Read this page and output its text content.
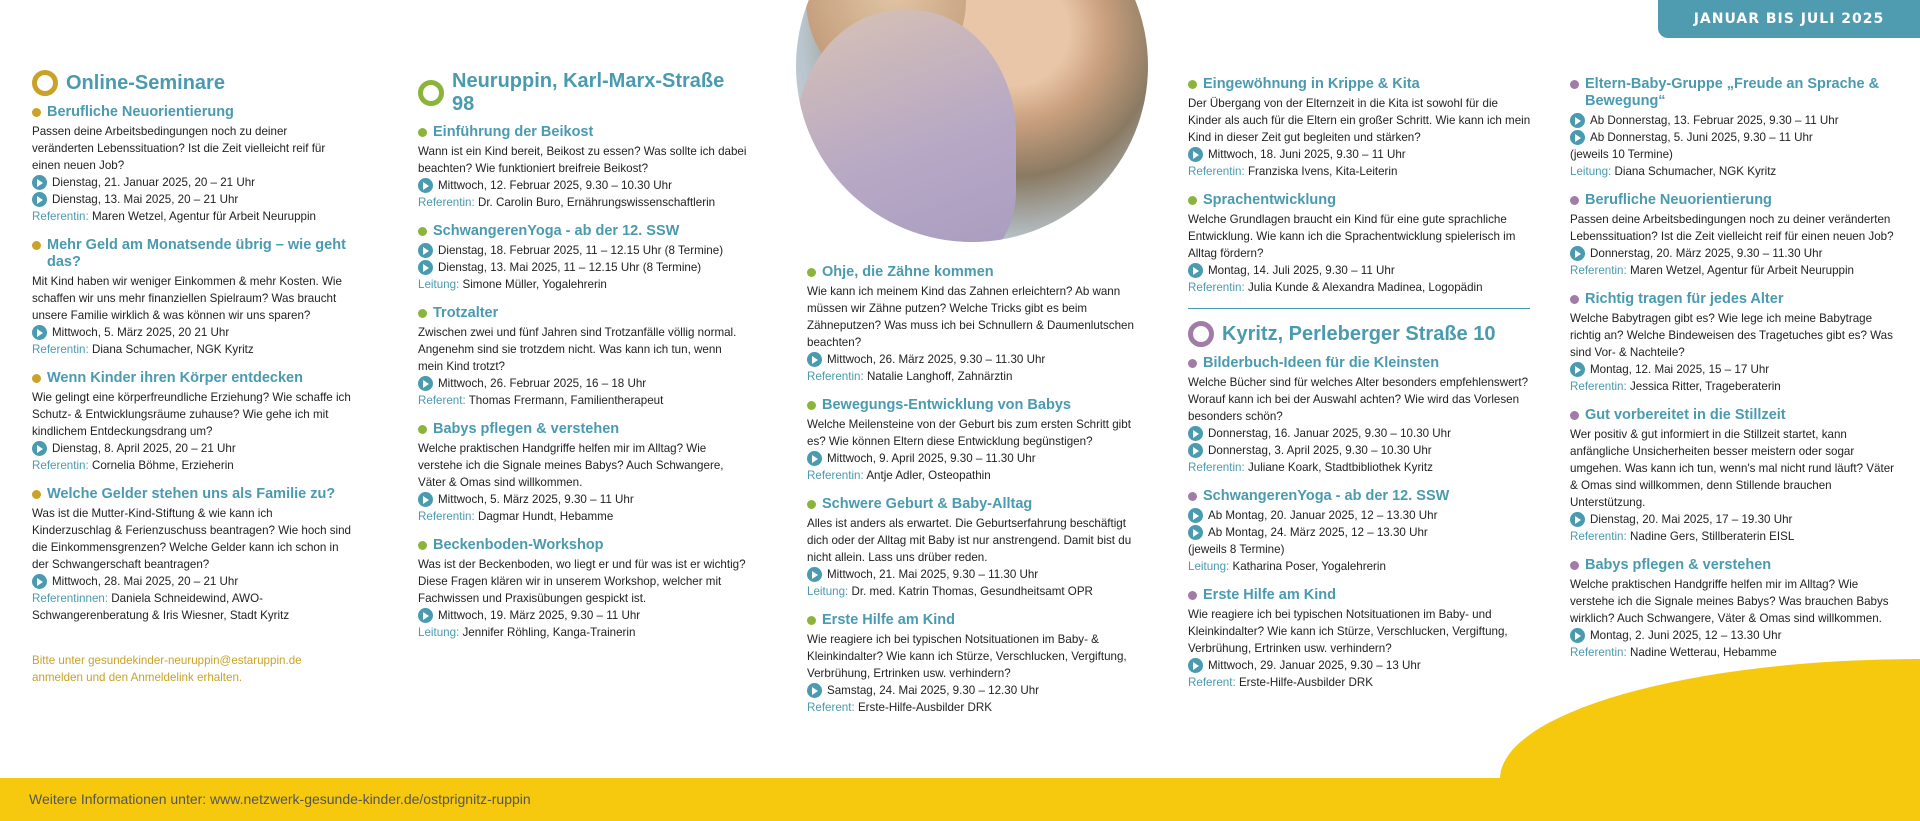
JANUAR BIS JULI 2025
Online-Seminare
Berufliche Neuorientierung

Passen deine Arbeitsbedingungen noch zu deiner veränderten Lebenssituation? Ist die Zeit vielleicht reif für einen neuen Job?

Dienstag, 21. Januar 2025, 20 – 21 Uhr
Dienstag, 13. Mai 2025, 20 – 21 Uhr
Referentin: Maren Wetzel, Agentur für Arbeit Neuruppin
Mehr Geld am Monatsende übrig – wie geht das?

Mit Kind haben wir weniger Einkommen & mehr Kosten. Wie schaffen wir uns mehr finanziellen Spielraum? Was braucht unsere Familie wirklich & was können wir uns sparen?

Mittwoch, 5. März 2025, 20 21 Uhr
Referentin: Diana Schumacher, NGK Kyritz
Wenn Kinder ihren Körper entdecken

Wie gelingt eine körperfreundliche Erziehung? Wie schaffe ich Schutz- & Entwicklungsräume zuhause? Wie gehe ich mit kindlichem Entdeckungsdrang um?

Dienstag, 8. April 2025, 20 – 21 Uhr
Referentin: Cornelia Böhme, Erzieherin
Welche Gelder stehen uns als Familie zu?

Was ist die Mutter-Kind-Stiftung & wie kann ich Kinderzuschlag & Ferienzuschuss beantragen? Wie hoch sind die Einkommensgrenzen? Welche Gelder kann ich schon in der Schwangerschaft beantragen?

Mittwoch, 28. Mai 2025, 20 – 21 Uhr
Referentinnen: Daniela Schneidewind, AWO-Schwangerenberatung & Iris Wiesner, Stadt Kyritz
Bitte unter gesundekinder-neuruppin@estaruppin.de anmelden und den Anmeldelink erhalten.
Neuruppin, Karl-Marx-Straße 98
Einführung der Beikost

Wann ist ein Kind bereit, Beikost zu essen? Was sollte ich dabei beachten? Wie funktioniert breifreie Beikost?

Mittwoch, 12. Februar 2025, 9.30 – 10.30 Uhr
Referentin: Dr. Carolin Buro, Ernährungswissenschaftlerin
SchwangerenYoga - ab der 12. SSW
Dienstag, 18. Februar 2025, 11 – 12.15 Uhr (8 Termine)
Dienstag, 13. Mai 2025, 11 – 12.15 Uhr (8 Termine)
Leitung: Simone Müller, Yogalehrerin
Trotzalter

Zwischen zwei und fünf Jahren sind Trotzanfälle völlig normal. Angenehm sind sie trotzdem nicht. Was kann ich tun, wenn mein Kind trotzt?

Mittwoch, 26. Februar 2025, 16 – 18 Uhr
Referent: Thomas Frermann, Familientherapeut
Babys pflegen & verstehen

Welche praktischen Handgriffe helfen mir im Alltag? Wie verstehe ich die Signale meines Babys? Auch Schwangere, Väter & Omas sind willkommen.

Mittwoch, 5. März 2025, 9.30 – 11 Uhr
Referentin: Dagmar Hundt, Hebamme
Beckenboden-Workshop

Was ist der Beckenboden, wo liegt er und für was ist er wichtig? Diese Fragen klären wir in unserem Workshop, welcher mit Fachwissen und Praxisübungen gespickt ist.

Mittwoch, 19. März 2025, 9.30 – 11 Uhr
Leitung: Jennifer Röhling, Kanga-Trainerin
Ohje, die Zähne kommen

Wie kann ich meinem Kind das Zahnen erleichtern? Ab wann müssen wir Zähne putzen? Welche Tricks gibt es beim Zähneputzen? Was muss ich bei Schnullern & Daumenlutschen beachten?

Mittwoch, 26. März 2025, 9.30 – 11.30 Uhr
Referentin: Natalie Langhoff, Zahnärztin
Bewegungs-Entwicklung von Babys

Welche Meilensteine von der Geburt bis zum ersten Schritt gibt es? Wie können Eltern diese Entwicklung begünstigen?

Mittwoch, 9. April 2025, 9.30 – 11.30 Uhr
Referentin: Antje Adler, Osteopathin
Schwere Geburt & Baby-Alltag

Alles ist anders als erwartet. Die Geburtserfahrung beschäftigt dich oder der Alltag mit Baby ist nur anstrengend. Damit bist du nicht allein. Lass uns drüber reden.

Mittwoch, 21. Mai 2025, 9.30 – 11.30 Uhr
Leitung: Dr. med. Katrin Thomas, Gesundheitsamt OPR
Erste Hilfe am Kind

Wie reagiere ich bei typischen Notsituationen im Baby- & Kleinkindalter? Wie kann ich Stürze, Verschlucken, Vergiftung, Verbrühung, Ertrinken usw. verhindern?

Samstag, 24. Mai 2025, 9.30 – 12.30 Uhr
Referent: Erste-Hilfe-Ausbilder DRK
Eingewöhnung in Krippe & Kita

Der Übergang von der Elternzeit in die Kita ist sowohl für die Kinder als auch für die Eltern ein großer Schritt. Wie kann ich mein Kind in dieser Zeit gut begleiten und stärken?

Mittwoch, 18. Juni 2025, 9.30 – 11 Uhr
Referentin: Franziska Ivens, Kita-Leiterin
Sprachentwicklung

Welche Grundlagen braucht ein Kind für eine gute sprachliche Entwicklung. Wie kann ich die Sprachentwicklung spielerisch im Alltag fördern?

Montag, 14. Juli 2025, 9.30 – 11 Uhr
Referentin: Julia Kunde & Alexandra Madinea, Logopädin
Kyritz, Perleberger Straße 10
Bilderbuch-Ideen für die Kleinsten

Welche Bücher sind für welches Alter besonders empfehlenswert? Worauf kann ich bei der Auswahl achten? Wie wird das Vorlesen besonders schön?

Donnerstag, 16. Januar 2025, 9.30 – 10.30 Uhr
Donnerstag, 3. April 2025, 9.30 – 10.30 Uhr
Referentin: Juliane Koark, Stadtbibliothek Kyritz
SchwangerenYoga - ab der 12. SSW
Ab Montag, 20. Januar 2025, 12 – 13.30 Uhr
Ab Montag, 24. März 2025, 12 – 13.30 Uhr
(jeweils 8 Termine)
Leitung: Katharina Poser, Yogalehrerin
Erste Hilfe am Kind

Wie reagiere ich bei typischen Notsituationen im Baby- und Kleinkindalter? Wie kann ich Stürze, Verschlucken, Vergiftung, Verbrühung, Ertrinken usw. verhindern?

Mittwoch, 29. Januar 2025, 9.30 – 13 Uhr
Referent: Erste-Hilfe-Ausbilder DRK
Eltern-Baby-Gruppe „Freude an Sprache & Bewegung“
Ab Donnerstag, 13. Februar 2025, 9.30 – 11 Uhr
Ab Donnerstag, 5. Juni 2025, 9.30 – 11 Uhr
(jeweils 10 Termine)
Leitung: Diana Schumacher, NGK Kyritz
Berufliche Neuorientierung

Passen deine Arbeitsbedingungen noch zu deiner veränderten Lebenssituation? Ist die Zeit vielleicht reif für einen neuen Job?

Donnerstag, 20. März 2025, 9.30 – 11.30 Uhr
Referentin: Maren Wetzel, Agentur für Arbeit Neuruppin
Richtig tragen für jedes Alter

Welche Babytragen gibt es? Wie lege ich meine Babytrage richtig an? Welche Bindeweisen des Tragetuches gibt es? Was sind Vor- & Nachteile?

Montag, 12. Mai 2025, 15 – 17 Uhr
Referentin: Jessica Ritter, Trageberaterin
Gut vorbereitet in die Stillzeit

Wer positiv & gut informiert in die Stillzeit startet, kann anfängliche Unsicherheiten besser meistern oder sogar umgehen. Was kann ich tun, wenn's mal nicht rund läuft? Väter & Omas sind willkommen, denn Stillende brauchen Unterstützung.

Dienstag, 20. Mai 2025, 17 – 19.30 Uhr
Referentin: Nadine Gers, Stillberaterin EISL
Babys pflegen & verstehen

Welche praktischen Handgriffe helfen mir im Alltag? Wie verstehe ich die Signale meines Babys? Was brauchen Babys wirklich? Auch Schwangere, Väter & Omas sind willkommen.

Montag, 2. Juni 2025, 12 – 13.30 Uhr
Referentin: Nadine Wetterau, Hebamme
Weitere Informationen unter: www.netzwerk-gesunde-kinder.de/ostprignitz-ruppin
